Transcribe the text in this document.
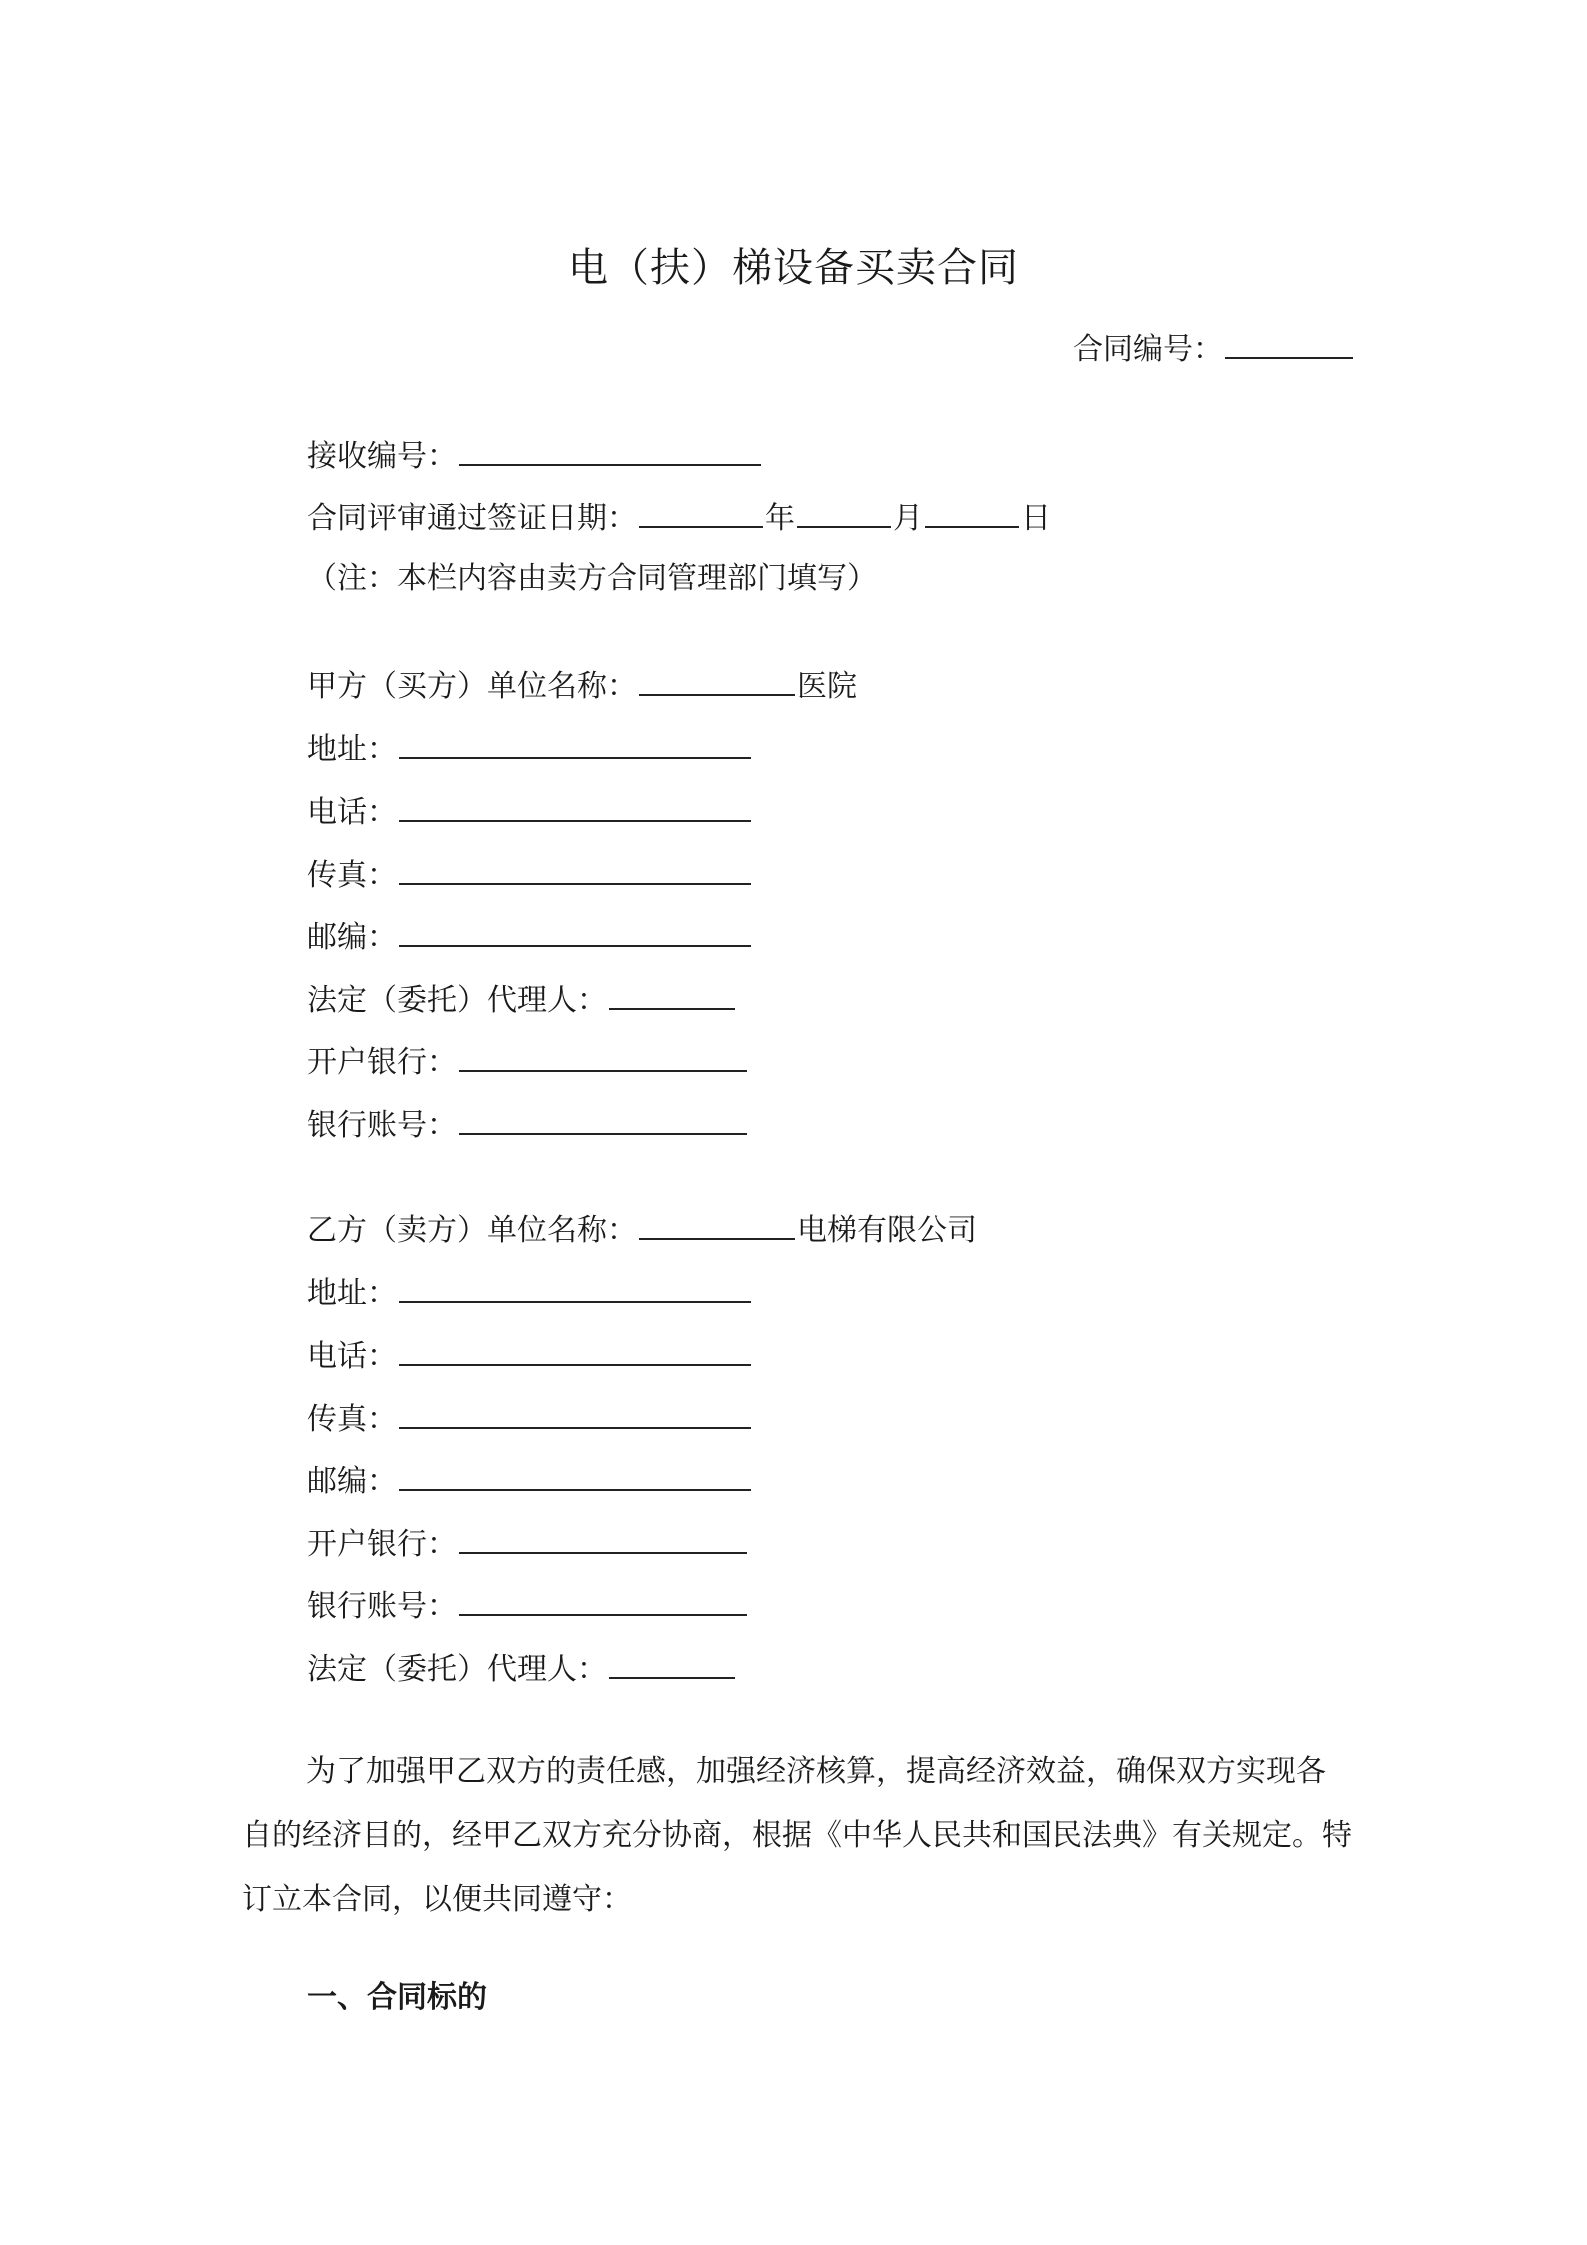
电（扶）梯设备买卖合同
合同编号：
接收编号：
合同评审通过签证日期：	年	月	日
（注：本栏内容由卖方合同管理部门填写）
甲方（买方）单位名称：	医院
地址：
电话：
传真：
邮编：
法定（委托）代理人：
开户银行：
银行账号：
乙方（卖方）单位名称：	电梯有限公司
地址：
电话：
传真：
邮编：
开户银行：
银行账号：
法定（委托）代理人：
为了加强甲乙双方的责任感，加强经济核算，提高经济效益，确保双方实现各自的经济目的，经甲乙双方充分协商，根据《中华人民共和国民法典》有关规定。特订立本合同，以便共同遵守：
一、合同标的
